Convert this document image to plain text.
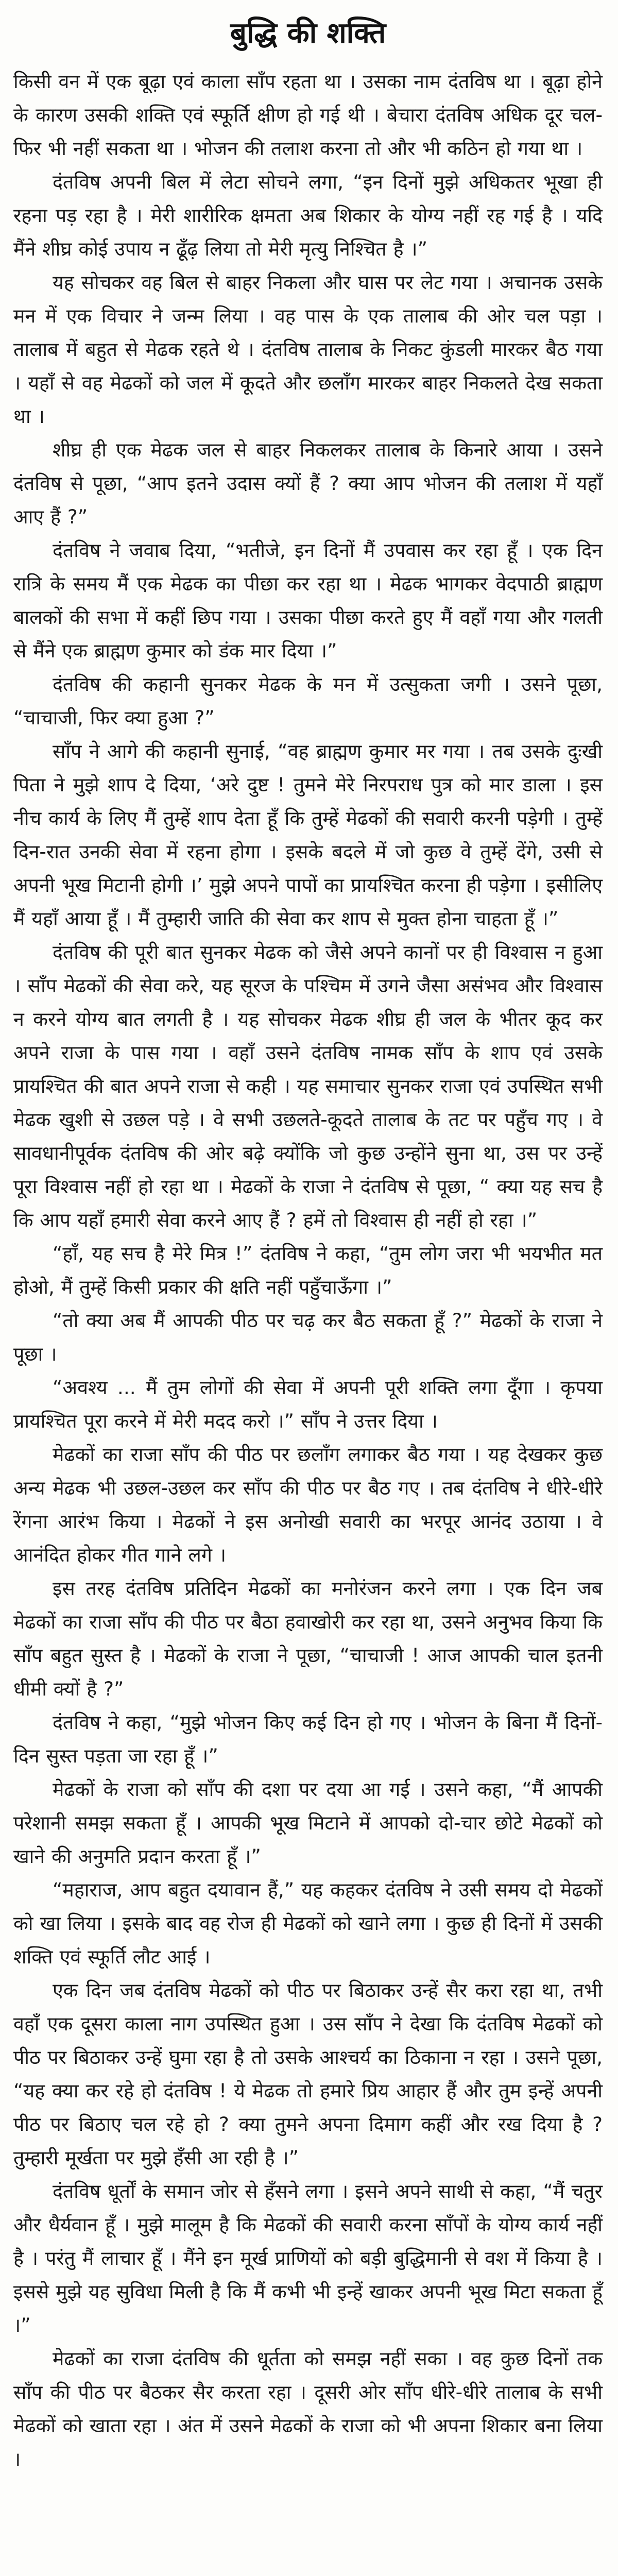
बुद्धि की शक्ति

किसी वन में एक बूढ़ा एवं काला साँप रहता था । उसका नाम दंतविष था । बूढ़ा होने के कारण उसकी शक्ति एवं स्फूर्ति क्षीण हो गई थी । बेचारा दंतविष अधिक दूर चल-फिर भी नहीं सकता था । भोजन की तलाश करना तो और भी कठिन हो गया था ।

दंतविष अपनी बिल में लेटा सोचने लगा, “इन दिनों मुझे अधिकतर भूखा ही रहना पड़ रहा है । मेरी शारीरिक क्षमता अब शिकार के योग्य नहीं रह गई है । यदि मैंने शीघ्र कोई उपाय न ढूँढ़ लिया तो मेरी मृत्यु निश्चित है ।”

यह सोचकर वह बिल से बाहर निकला और घास पर लेट गया । अचानक उसके मन में एक विचार ने जन्म लिया । वह पास के एक तालाब की ओर चल पड़ा । तालाब में बहुत से मेढक रहते थे । दंतविष तालाब के निकट कुंडली मारकर बैठ गया । यहाँ से वह मेढकों को जल में कूदते और छलाँग मारकर बाहर निकलते देख सकता था ।

शीघ्र ही एक मेढक जल से बाहर निकलकर तालाब के किनारे आया । उसने दंतविष से पूछा, “आप इतने उदास क्यों हैं ? क्या आप भोजन की तलाश में यहाँ आए हैं ?”

दंतविष ने जवाब दिया, “भतीजे, इन दिनों मैं उपवास कर रहा हूँ । एक दिन रात्रि के समय मैं एक मेढक का पीछा कर रहा था । मेढक भागकर वेदपाठी ब्राह्मण बालकों की सभा में कहीं छिप गया । उसका पीछा करते हुए मैं वहाँ गया और गलती से मैंने एक ब्राह्मण कुमार को डंक मार दिया ।”

दंतविष की कहानी सुनकर मेढक के मन में उत्सुकता जगी । उसने पूछा, “चाचाजी, फिर क्या हुआ ?”

साँप ने आगे की कहानी सुनाई, “वह ब्राह्मण कुमार मर गया । तब उसके दुःखी पिता ने मुझे शाप दे दिया, ‘अरे दुष्ट ! तुमने मेरे निरपराध पुत्र को मार डाला । इस नीच कार्य के लिए मैं तुम्हें शाप देता हूँ कि तुम्हें मेढकों की सवारी करनी पड़ेगी । तुम्हें दिन-रात उनकी सेवा में रहना होगा । इसके बदले में जो कुछ वे तुम्हें देंगे, उसी से अपनी भूख मिटानी होगी ।’ मुझे अपने पापों का प्रायश्चित करना ही पड़ेगा । इसीलिए मैं यहाँ आया हूँ । मैं तुम्हारी जाति की सेवा कर शाप से मुक्त होना चाहता हूँ ।”

दंतविष की पूरी बात सुनकर मेढक को जैसे अपने कानों पर ही विश्वास न हुआ । साँप मेढकों की सेवा करे, यह सूरज के पश्चिम में उगने जैसा असंभव और विश्वास न करने योग्य बात लगती है । यह सोचकर मेढक शीघ्र ही जल के भीतर कूद कर अपने राजा के पास गया । वहाँ उसने दंतविष नामक साँप के शाप एवं उसके प्रायश्चित की बात अपने राजा से कही । यह समाचार सुनकर राजा एवं उपस्थित सभी मेढक खुशी से उछल पड़े । वे सभी उछलते-कूदते तालाब के तट पर पहुँच गए । वे सावधानीपूर्वक दंतविष की ओर बढ़े क्योंकि जो कुछ उन्होंने सुना था, उस पर उन्हें पूरा विश्वास नहीं हो रहा था । मेढकों के राजा ने दंतविष से पूछा, “ क्या यह सच है कि आप यहाँ हमारी सेवा करने आए हैं ? हमें तो विश्वास ही नहीं हो रहा ।”

“हाँ, यह सच है मेरे मित्र !” दंतविष ने कहा, “तुम लोग जरा भी भयभीत मत होओ, मैं तुम्हें किसी प्रकार की क्षति नहीं पहुँचाऊँगा ।”

“तो क्या अब मैं आपकी पीठ पर चढ़ कर बैठ सकता हूँ ?” मेढकों के राजा ने पूछा ।

“अवश्य ... मैं तुम लोगों की सेवा में अपनी पूरी शक्ति लगा दूँगा । कृपया प्रायश्चित पूरा करने में मेरी मदद करो ।” साँप ने उत्तर दिया ।

मेढकों का राजा साँप की पीठ पर छलाँग लगाकर बैठ गया । यह देखकर कुछ अन्य मेढक भी उछल-उछल कर साँप की पीठ पर बैठ गए । तब दंतविष ने धीरे-धीरे रेंगना आरंभ किया । मेढकों ने इस अनोखी सवारी का भरपूर आनंद उठाया । वे आनंदित होकर गीत गाने लगे ।

इस तरह दंतविष प्रतिदिन मेढकों का मनोरंजन करने लगा । एक दिन जब मेढकों का राजा साँप की पीठ पर बैठा हवाखोरी कर रहा था, उसने अनुभव किया कि साँप बहुत सुस्त है । मेढकों के राजा ने पूछा, “चाचाजी ! आज आपकी चाल इतनी धीमी क्यों है ?”

दंतविष ने कहा, “मुझे भोजन किए कई दिन हो गए । भोजन के बिना मैं दिनों-दिन सुस्त पड़ता जा रहा हूँ ।”

मेढकों के राजा को साँप की दशा पर दया आ गई । उसने कहा, “मैं आपकी परेशानी समझ सकता हूँ । आपकी भूख मिटाने में आपको दो-चार छोटे मेढकों को खाने की अनुमति प्रदान करता हूँ ।”

“महाराज, आप बहुत दयावान हैं,” यह कहकर दंतविष ने उसी समय दो मेढकों को खा लिया । इसके बाद वह रोज ही मेढकों को खाने लगा । कुछ ही दिनों में उसकी शक्ति एवं स्फूर्ति लौट आई ।

एक दिन जब दंतविष मेढकों को पीठ पर बिठाकर उन्हें सैर करा रहा था, तभी वहाँ एक दूसरा काला नाग उपस्थित हुआ । उस साँप ने देखा कि दंतविष मेढकों को पीठ पर बिठाकर उन्हें घुमा रहा है तो उसके आश्चर्य का ठिकाना न रहा । उसने पूछा, “यह क्या कर रहे हो दंतविष ! ये मेढक तो हमारे प्रिय आहार हैं और तुम इन्हें अपनी पीठ पर बिठाए चल रहे हो ? क्या तुमने अपना दिमाग कहीं और रख दिया है ? तुम्हारी मूर्खता पर मुझे हँसी आ रही है ।”

दंतविष धूर्तों के समान जोर से हँसने लगा । इसने अपने साथी से कहा, “मैं चतुर और धैर्यवान हूँ । मुझे मालूम है कि मेढकों की सवारी करना साँपों के योग्य कार्य नहीं है । परंतु मैं लाचार हूँ । मैंने इन मूर्ख प्राणियों को बड़ी बुद्धिमानी से वश में किया है । इससे मुझे यह सुविधा मिली है कि मैं कभी भी इन्हें खाकर अपनी भूख मिटा सकता हूँ ।”

मेढकों का राजा दंतविष की धूर्तता को समझ नहीं सका । वह कुछ दिनों तक साँप की पीठ पर बैठकर सैर करता रहा । दूसरी ओर साँप धीरे-धीरे तालाब के सभी मेढकों को खाता रहा । अंत में उसने मेढकों के राजा को भी अपना शिकार बना लिया ।
